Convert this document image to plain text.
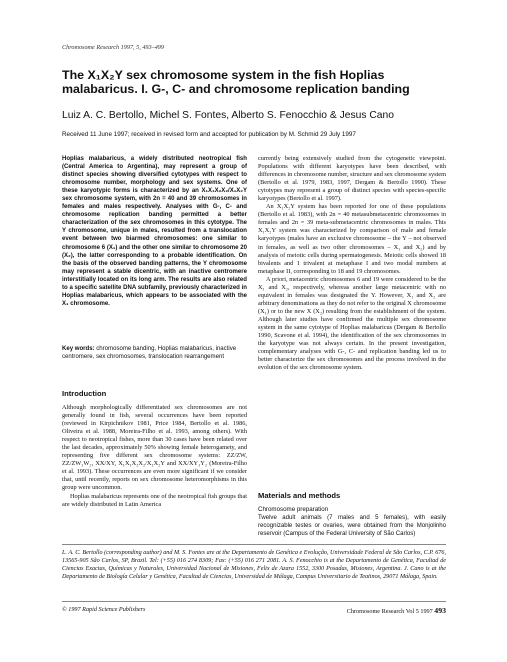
Chromosome Research 1997, 5, 493–499
The X₁X₂Y sex chromosome system in the fish Hoplias malabaricus. I. G-, C- and chromosome replication banding
Luiz A. C. Bertollo, Michel S. Fontes, Alberto S. Fenocchio & Jesus Cano
Received 11 June 1997; received in revised form and accepted for publication by M. Schmid 29 July 1997
Hoplias malabaricus, a widely distributed neotropical fish (Central America to Argentina), may represent a group of distinct species showing diversified cytotypes with respect to chromosome number, morphology and sex systems. One of these karyotypic forms is characterized by an X₁X₁X₂X₂/X₁X₂Y sex chromosome system, with 2n = 40 and 39 chromosomes in females and males respectively. Analyses with G-, C- and chromosome replication banding permitted a better characterization of the sex chromosomes in this cytotype. The Y chromosome, unique in males, resulted from a translocation event between two biarmed chromosomes: one similar to chromosome 6 (X₁) and the other one similar to chromosome 20 (X₂), the latter corresponding to a probable identification. On the basis of the observed banding patterns, the Y chromosome may represent a stable dicentric, with an inactive centromere interstitially located on its long arm. The results are also related to a specific satellite DNA subfamily, previously characterized in Hoplias malabaricus, which appears to be associated with the X₁ chromosome.
Key words: chromosome banding, Hoplias malabaricus, inactive centromere, sex chromosomes, translocation rearrangement
Introduction

Although morphologically differentiated sex chromosomes are not generally found in fish, several occurrences have been reported (reviewed in Kirpichnikov 1981, Price 1984, Bertollo et al. 1986, Oliveira et al. 1988, Moreira-Filho et al. 1993, among others). With respect to neotropical fishes, more than 30 cases have been related over the last decades, approximately 50% showing female heterogamety, and representing five different sex chromosome systems: ZZ/ZW, ZZ/ZW₁W₂, XX/XY, X₁X₁X₂X₂/X₁X₂Y and XX/XY₁Y₂ (Moreira-Filho et al. 1993). These occurrences are even more significant if we consider that, until recently, reports on sex chromosome heteromorphisms in this group were uncommon.

Hoplias malabaricus represents one of the neotropical fish groups that are widely distributed in Latin America

currently being extensively studied from the cytogenetic viewpoint. Populations with different karyotypes have been described, with differences in chromosome number, structure and sex chromosome system (Bertollo et al. 1979, 1983, 1997, Dergam & Bertollo 1990). These cytotypes may represent a group of distinct species with species-specific karyotypes (Bertollo et al. 1997).

An X₁X₂Y system has been reported for one of these populations (Bertollo et al. 1983), with 2n = 40 metasubmetacentric chromosomes in females and 2n = 39 meta-submetacentric chromosomes in males. This X₁X₂Y system was characterized by comparison of male and female karyotypes (males have an exclusive chromosome – the Y – not observed in females, as well as two other chromosomes – X₁ and X₂) and by analysis of meiotic cells during spermatogenesis. Meiotic cells showed 18 bivalents and 1 trivalent at metaphase I and two modal numbers at metaphase II, corresponding to 18 and 19 chromosomes.

A priori, metacentric chromosomes 6 and 19 were considered to be the X₁ and X₂, respectively, whereas another large metacentric with no equivalent in females was designated the Y. However, X₁ and X₂ are arbitrary denominations as they do not refer to the original X chromosome (X₁) or to the new X (X₂) resulting from the establishment of the system. Although later studies have confirmed the multiple sex chromosome system in the same cytotype of Hoplias malabaricus (Dergam & Bertollo 1990, Scavone et al. 1994), the identification of the sex chromosomes in the karyotype was not always certain. In the present investigation, complementary analyses with G-, C- and replication banding led us to better characterize the sex chromosomes and the process involved in the evolution of the sex chromosome system.

Materials and methods
Chromosome preparation
Twelve adult animals (7 males and 5 females), with easily recognizable testes or ovaries, were obtained from the Monjolinho reservoir (Campus of the Federal University of São Carlos)
L. A. C. Bertollo (corresponding author) and M. S. Fontes are at the Departamento de Genética e Evolução, Universidade Federal de São Carlos, C.P. 676, 13565-905 São Carlos, SP, Brazil. Tel: (+55) 016 274 8309; Fax: (+55) 016 271 2081. A. S. Fenocchio is at the Departamento de Genética, Facultad de Ciencias Exactas, Químicas y Naturales, Universidad Nacional de Misiones, Felix de Azara 1552, 3300 Posadas, Misiones, Argentina. J. Cano is at the Departamento de Biología Celular y Genética, Facultad de Ciencias, Universidad de Málaga, Campus Universitario de Teatinos, 29071 Málaga, Spain.
© 1997 Rapid Science Publishers	Chromosome Research Vol 5 1997 493
